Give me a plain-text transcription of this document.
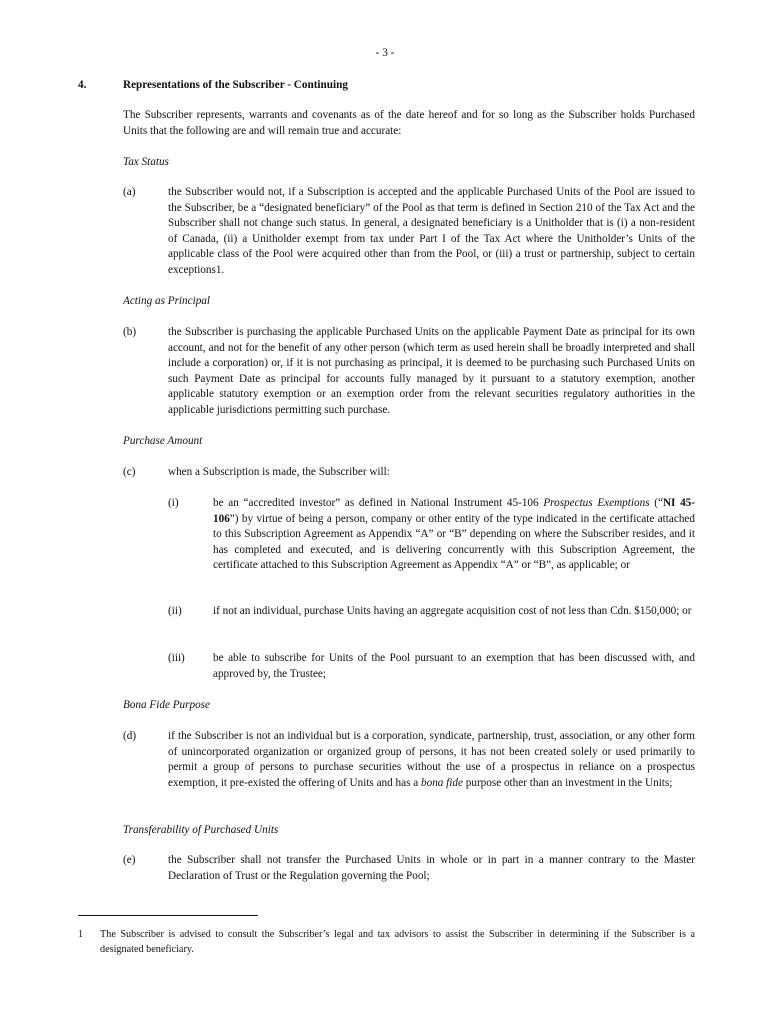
- 3 -
4.	Representations of the Subscriber - Continuing
The Subscriber represents, warrants and covenants as of the date hereof and for so long as the Subscriber holds Purchased Units that the following are and will remain true and accurate:
Tax Status
(a)	the Subscriber would not, if a Subscription is accepted and the applicable Purchased Units of the Pool are issued to the Subscriber, be a “designated beneficiary” of the Pool as that term is defined in Section 210 of the Tax Act and the Subscriber shall not change such status. In general, a designated beneficiary is a Unitholder that is (i) a non-resident of Canada, (ii) a Unitholder exempt from tax under Part I of the Tax Act where the Unitholder’s Units of the applicable class of the Pool were acquired other than from the Pool, or (iii) a trust or partnership, subject to certain exceptions1.
Acting as Principal
(b)	the Subscriber is purchasing the applicable Purchased Units on the applicable Payment Date as principal for its own account, and not for the benefit of any other person (which term as used herein shall be broadly interpreted and shall include a corporation) or, if it is not purchasing as principal, it is deemed to be purchasing such Purchased Units on such Payment Date as principal for accounts fully managed by it pursuant to a statutory exemption, another applicable statutory exemption or an exemption order from the relevant securities regulatory authorities in the applicable jurisdictions permitting such purchase.
Purchase Amount
(c)	when a Subscription is made, the Subscriber will:
(i)	be an “accredited investor” as defined in National Instrument 45-106 Prospectus Exemptions (“NI 45-106”) by virtue of being a person, company or other entity of the type indicated in the certificate attached to this Subscription Agreement as Appendix “A” or “B” depending on where the Subscriber resides, and it has completed and executed, and is delivering concurrently with this Subscription Agreement, the certificate attached to this Subscription Agreement as Appendix “A” or “B”, as applicable; or
(ii)	if not an individual, purchase Units having an aggregate acquisition cost of not less than Cdn. $150,000; or
(iii)	be able to subscribe for Units of the Pool pursuant to an exemption that has been discussed with, and approved by, the Trustee;
Bona Fide Purpose
(d)	if the Subscriber is not an individual but is a corporation, syndicate, partnership, trust, association, or any other form of unincorporated organization or organized group of persons, it has not been created solely or used primarily to permit a group of persons to purchase securities without the use of a prospectus in reliance on a prospectus exemption, it pre-existed the offering of Units and has a bona fide purpose other than an investment in the Units;
Transferability of Purchased Units
(e)	the Subscriber shall not transfer the Purchased Units in whole or in part in a manner contrary to the Master Declaration of Trust or the Regulation governing the Pool;
1 The Subscriber is advised to consult the Subscriber’s legal and tax advisors to assist the Subscriber in determining if the Subscriber is a designated beneficiary.
